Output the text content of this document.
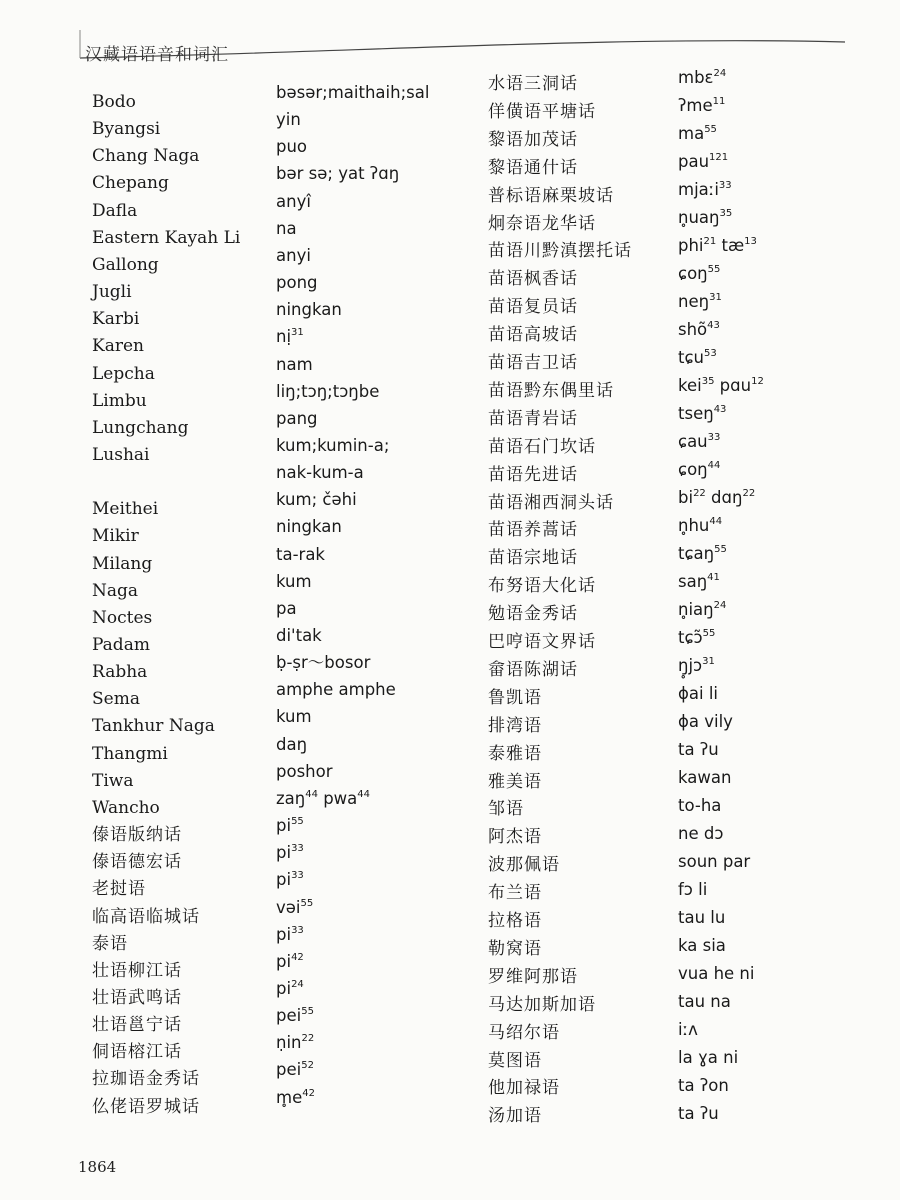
汉藏语语音和词汇
Bodo
Byangsi
Chang Naga
Chepang
Dafla
Eastern Kayah Li
Gallong
Jugli
Karbi
Karen
Lepcha
Limbu
Lungchang
Lushai
Meithei
Mikir
Milang
Naga
Noctes
Padam
Rabha
Sema
Tankhur Naga
Thangmi
Tiwa
Wancho
傣语版纳话
傣语德宏话
老挝语
临高语临城话
泰语
壮语柳江话
壮语武鸣话
壮语邕宁话
侗语榕江话
拉珈语金秀话
仫佬语罗城话
bəsər;maithaih;sal
yin
puo
bər sə; yat ʔɑŋ
anyî
na
anyi
pong
ningkan
nị$^{31}$
nam
liŋ;tɔŋ;tɔŋbe
pang
kum;kumin-a;
nak-kum-a
kum; čəhi
ningkan
ta-rak
kum
pa
di'tak
ḅ-ṣr～bosor
amphe amphe
kum
daŋ
poshor
zaŋ$^{44}$ pwa$^{44}$
$pi^{55}$
$pi^{33}$
$pi^{33}$
vəi$^{55}$
$pi^{33}$
$pi^{42}$
$pi^{24}$
pei$^{55}$
ṇin$^{22}$
pei$^{52}$
$m̥e^{42}$
水语三洞话
佯僙语平塘话
黎语加茂话
黎语通什话
普标语麻栗坡话
炯奈语龙华话
苗语川黔滇摆托话
苗语枫香话
苗语复员话
苗语高坡话
苗语吉卫话
苗语黔东偶里话
苗语青岩话
苗语石门坎话
苗语先进话
苗语湘西洞头话
苗语养蒿话
苗语宗地话
布努语大化话
勉语金秀话
巴哼语文界话
畲语陈湖话
鲁凯语
排湾语
泰雅语
雅美语
邹语
阿杰语
波那佩语
布兰语
拉格语
勒窝语
罗维阿那语
马达加斯加语
马绍尔语
莫图语
他加禄语
汤加语
mbɛ$^{24}$
ʔme$^{11}$
$ma^{55}$
pau$^{121}$
mjaːi$^{33}$
n̥uaŋ$^{35}$
phi$^{21}$ $tæ^{13}$
ɕoŋ$^{55}$
neŋ$^{31}$
shõ$^{43}$
tɕu$^{53}$
kei$^{35}$ pɑu$^{12}$
tseŋ$^{43}$
ɕau$^{33}$
ɕoŋ$^{44}$
$bi^{22}$ dɑŋ$^{22}$
$n̥hu^{44}$
tɕaŋ$^{55}$
saŋ$^{41}$
n̥iaŋ$^{24}$
tɕɔ̃$^{55}$
ŋ̥jɔ$^{31}$
ɸai li
ɸa vily
ta ʔu
kawan
to-ha
ne dɔ
soun par
fɔ li
tau lu
ka sia
vua he ni
tau na
iːʌ
la ɣa ni
ta ʔon
ta ʔu
1864
